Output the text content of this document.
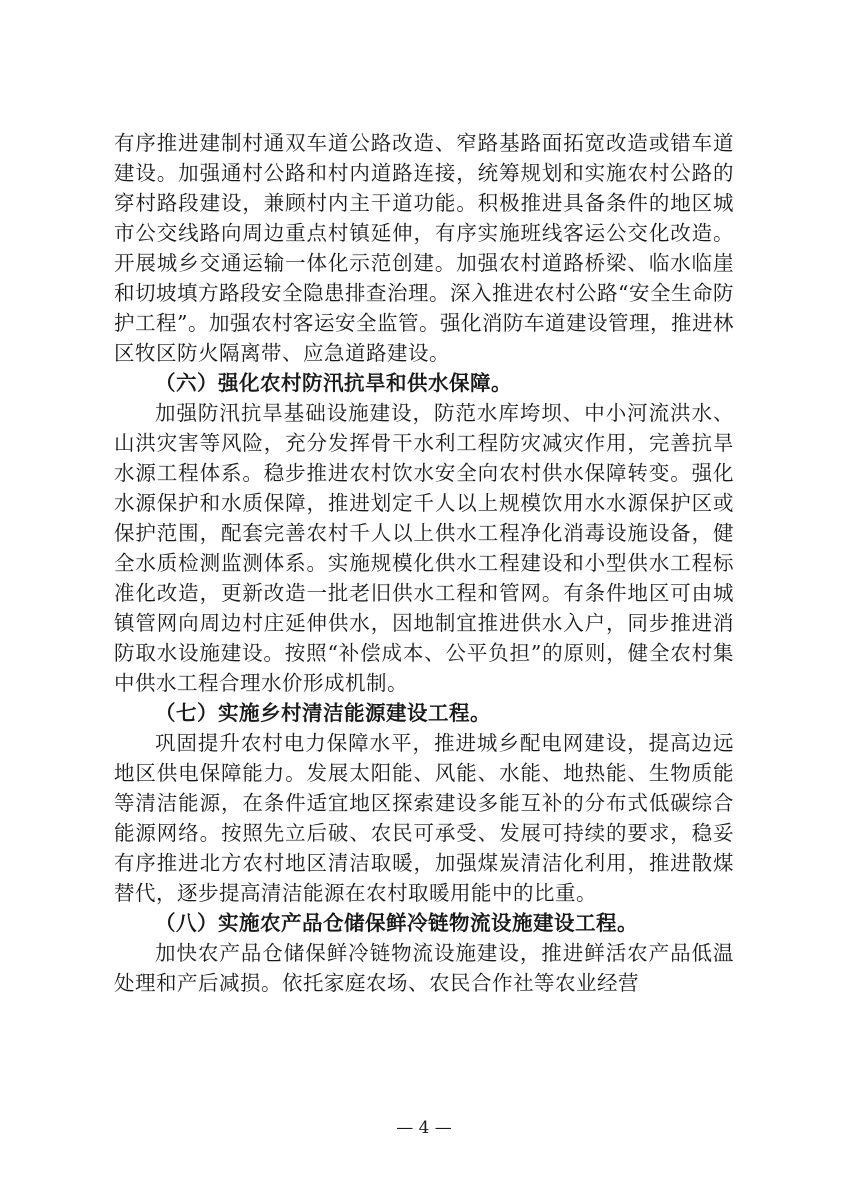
有序推进建制村通双车道公路改造、窄路基路面拓宽改造或错车道建设。加强通村公路和村内道路连接，统筹规划和实施农村公路的穿村路段建设，兼顾村内主干道功能。积极推进具备条件的地区城市公交线路向周边重点村镇延伸，有序实施班线客运公交化改造。开展城乡交通运输一体化示范创建。加强农村道路桥梁、临水临崖和切坡填方路段安全隐患排查治理。深入推进农村公路“安全生命防护工程”。加强农村客运安全监管。强化消防车道建设管理，推进林区牧区防火隔离带、应急道路建设。

（六）强化农村防汛抗旱和供水保障。

加强防汛抗旱基础设施建设，防范水库垮坝、中小河流洪水、山洪灾害等风险，充分发挥骨干水利工程防灾减灾作用，完善抗旱水源工程体系。稳步推进农村饮水安全向农村供水保障转变。强化水源保护和水质保障，推进划定千人以上规模饮用水水源保护区或保护范围，配套完善农村千人以上供水工程净化消毒设施设备，健全水质检测监测体系。实施规模化供水工程建设和小型供水工程标准化改造，更新改造一批老旧供水工程和管网。有条件地区可由城镇管网向周边村庄延伸供水，因地制宜推进供水入户，同步推进消防取水设施建设。按照“补偿成本、公平负担”的原则，健全农村集中供水工程合理水价形成机制。

（七）实施乡村清洁能源建设工程。

巩固提升农村电力保障水平，推进城乡配电网建设，提高边远地区供电保障能力。发展太阳能、风能、水能、地热能、生物质能等清洁能源，在条件适宜地区探索建设多能互补的分布式低碳综合能源网络。按照先立后破、农民可承受、发展可持续的要求，稳妥有序推进北方农村地区清洁取暖，加强煤炭清洁化利用，推进散煤替代，逐步提高清洁能源在农村取暖用能中的比重。

（八）实施农产品仓储保鲜冷链物流设施建设工程。

加快农产品仓储保鲜冷链物流设施建设，推进鲜活农产品低温处理和产后减损。依托家庭农场、农民合作社等农业经营

— 4 —
